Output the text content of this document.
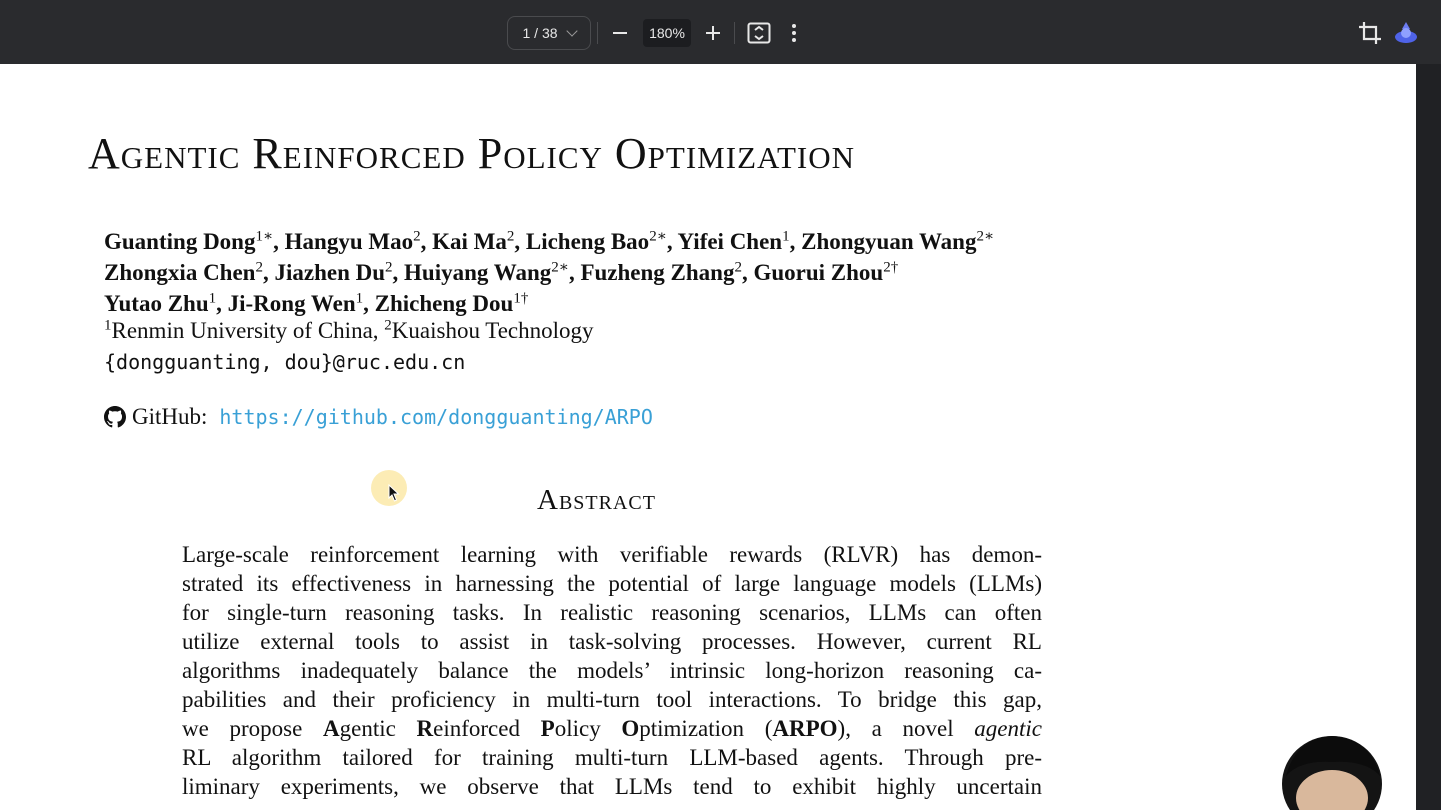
1 / 38	180%
Agentic Reinforced Policy Optimization
Guanting Dong$^{1∗}$, Hangyu Mao$^2$, Kai Ma$^2$, Licheng Bao$^{2∗}$, Yifei Chen$^1$, Zhongyuan Wang$^{2∗}$
Zhongxia Chen$^2$, Jiazhen Du$^2$, Huiyang Wang$^{2∗}$, Fuzheng Zhang$^2$, Guorui Zhou$^{2\dagger}$
Yutao Zhu$^1$, Ji-Rong Wen$^1$, Zhicheng Dou$^{1\dagger}$
$^1$Renmin University of China, $^2$Kuaishou Technology
{dongguanting, dou}@ruc.edu.cn
GitHub: https://github.com/dongguanting/ARPO
Abstract
Large-scale reinforcement learning with verifiable rewards (RLVR) has demon-
strated its effectiveness in harnessing the potential of large language models (LLMs)
for single-turn reasoning tasks. In realistic reasoning scenarios, LLMs can often
utilize external tools to assist in task-solving processes. However, current RL
algorithms inadequately balance the models’ intrinsic long-horizon reasoning ca-
pabilities and their proficiency in multi-turn tool interactions. To bridge this gap,
we propose Agentic Reinforced Policy Optimization (ARPO), a novel agentic
RL algorithm tailored for training multi-turn LLM-based agents. Through pre-
liminary experiments, we observe that LLMs tend to exhibit highly uncertain
